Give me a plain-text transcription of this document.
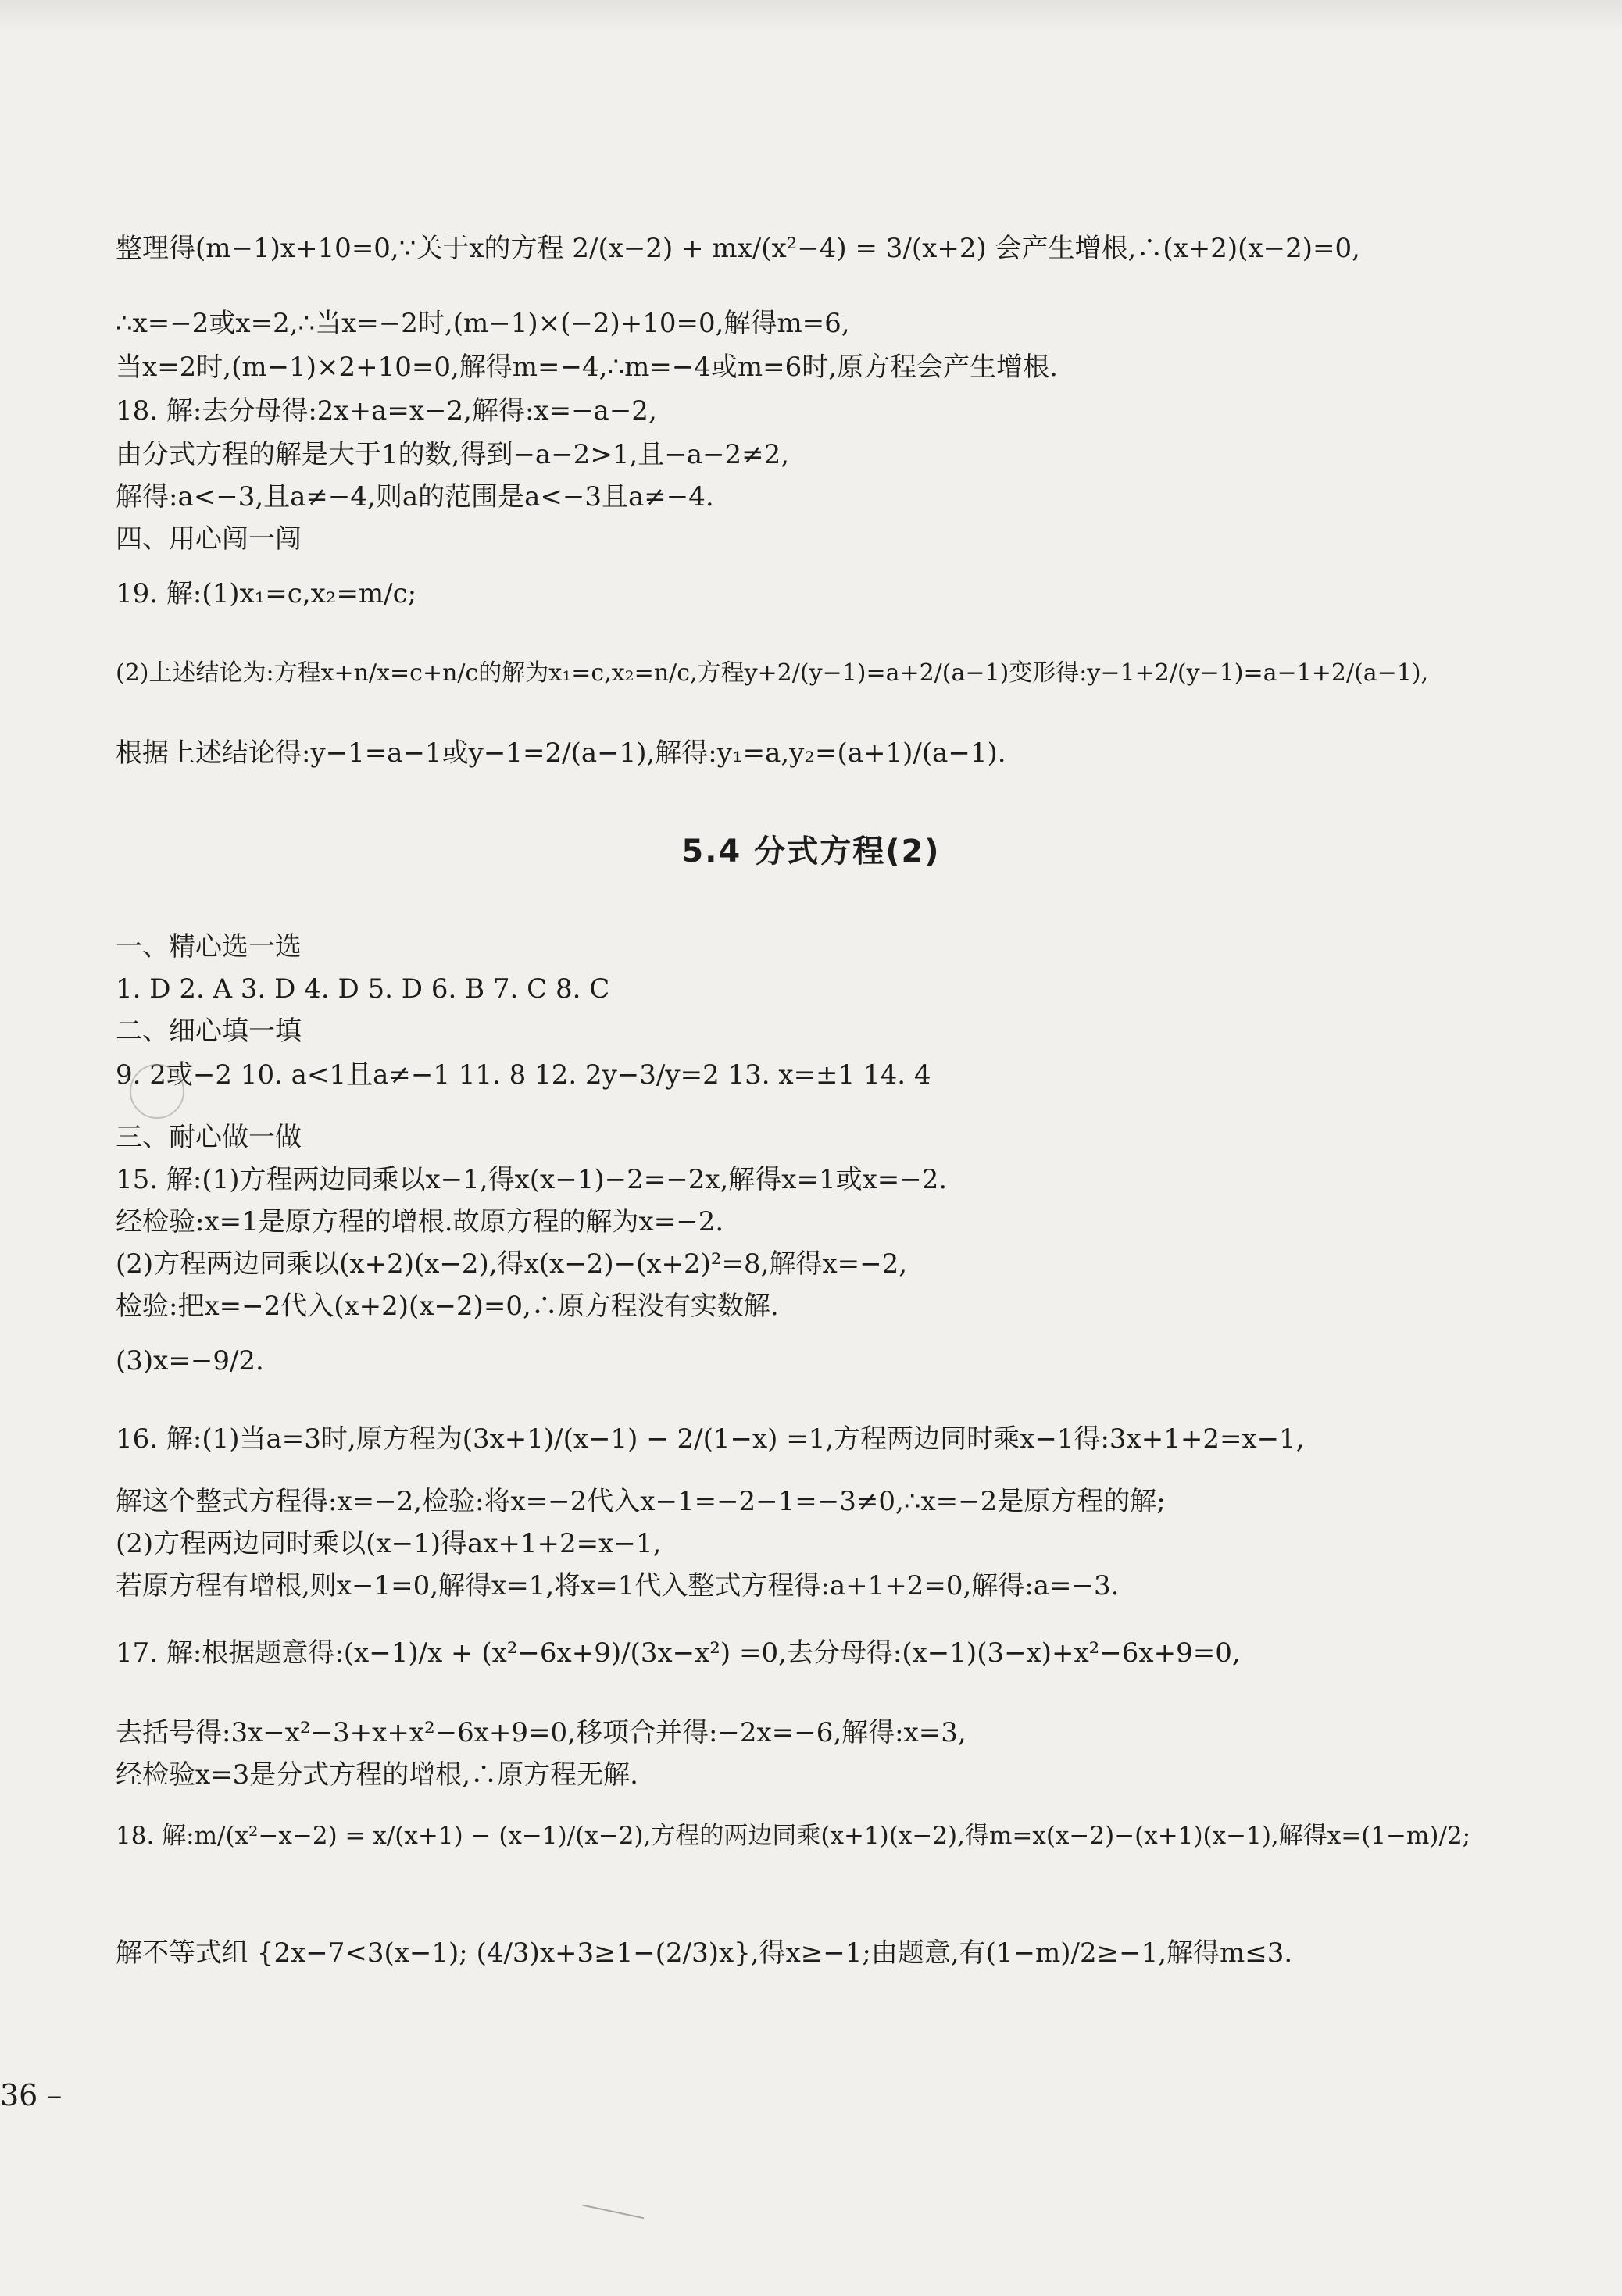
整理得(m−1)x+10=0,∵关于x的方程 2/(x−2) + mx/(x²−4) = 3/(x+2) 会产生增根,∴(x+2)(x−2)=0,
∴x=−2或x=2,∴当x=−2时,(m−1)×(−2)+10=0,解得m=6,
当x=2时,(m−1)×2+10=0,解得m=−4,∴m=−4或m=6时,原方程会产生增根.
18. 解:去分母得:2x+a=x−2,解得:x=−a−2,
由分式方程的解是大于1的数,得到−a−2>1,且−a−2≠2,
解得:a<−3,且a≠−4,则a的范围是a<−3且a≠−4.
四、用心闯一闯
19. 解:(1)x₁=c,x₂=m/c;
(2)上述结论为:方程x+n/x=c+n/c的解为x₁=c,x₂=n/c,方程y+2/(y−1)=a+2/(a−1)变形得:y−1+2/(y−1)=a−1+2/(a−1),
根据上述结论得:y−1=a−1或y−1=2/(a−1),解得:y₁=a,y₂=(a+1)/(a−1).
5.4 分式方程(2)
一、精心选一选
1. D 2. A 3. D 4. D 5. D 6. B 7. C 8. C
二、细心填一填
9. 2或−2 10. a<1且a≠−1 11. 8 12. 2y−3/y=2 13. x=±1 14. 4
三、耐心做一做
15. 解:(1)方程两边同乘以x−1,得x(x−1)−2=−2x,解得x=1或x=−2.
经检验:x=1是原方程的增根.故原方程的解为x=−2.
(2)方程两边同乘以(x+2)(x−2),得x(x−2)−(x+2)²=8,解得x=−2,
检验:把x=−2代入(x+2)(x−2)=0,∴原方程没有实数解.
(3)x=−9/2.
16. 解:(1)当a=3时,原方程为(3x+1)/(x−1) − 2/(1−x) =1,方程两边同时乘x−1得:3x+1+2=x−1,
解这个整式方程得:x=−2,检验:将x=−2代入x−1=−2−1=−3≠0,∴x=−2是原方程的解;
(2)方程两边同时乘以(x−1)得ax+1+2=x−1,
若原方程有增根,则x−1=0,解得x=1,将x=1代入整式方程得:a+1+2=0,解得:a=−3.
17. 解:根据题意得:(x−1)/x + (x²−6x+9)/(3x−x²) =0,去分母得:(x−1)(3−x)+x²−6x+9=0,
去括号得:3x−x²−3+x+x²−6x+9=0,移项合并得:−2x=−6,解得:x=3,
经检验x=3是分式方程的增根,∴原方程无解.
18. 解:m/(x²−x−2) = x/(x+1) − (x−1)/(x−2),方程的两边同乘(x+1)(x−2),得m=x(x−2)−(x+1)(x−1),解得x=(1−m)/2;
解不等式组 {2x−7<3(x−1); (4/3)x+3≥1−(2/3)x},得x≥−1;由题意,有(1−m)/2≥−1,解得m≤3.
36 –
